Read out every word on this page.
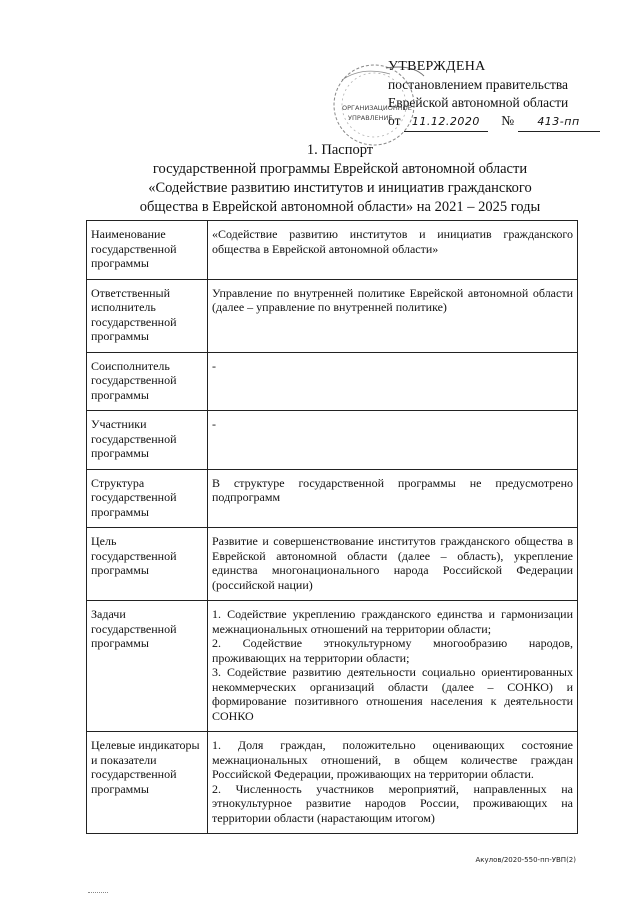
УТВЕРЖДЕНА
постановлением правительства
Еврейской автономной области
от 11.12.2020 № 413-пп
ОРГАНИЗАЦИОННОЕ
УПРАВЛЕНИЕ
1. Паспорт
государственной программы Еврейской автономной области
«Содействие развитию институтов и инициатив гражданского
общества в Еврейской автономной области» на 2021 – 2025 годы
Наименование государственной программы	«Содействие развитию институтов и инициатив гражданского общества в Еврейской автономной области»

Ответственный исполнитель государственной программы	Управление по внутренней политике Еврейской автономной области (далее – управление по внутренней политике)

Соисполнитель государственной программы	-

Участники государственной программы	-

Структура государственной программы	В структуре государственной программы не предусмотрено подпрограмм

Цель государственной программы	Развитие и совершенствование институтов гражданского общества в Еврейской автономной области (далее – область), укрепление единства многонационального народа Российской Федерации (российской нации)

Задачи государственной программы	1. Содействие укреплению гражданского единства и гармонизации межнациональных отношений на территории области;
2. Содействие этнокультурному многообразию народов, проживающих на территории области;
3. Содействие развитию деятельности социально ориентированных некоммерческих организаций области (далее – СОНКО) и формирование позитивного отношения населения к деятельности СОНКО

Целевые индикаторы и показатели государственной программы	1. Доля граждан, положительно оценивающих состояние межнациональных отношений, в общем количестве граждан Российской Федерации, проживающих на территории области.
2. Численность участников мероприятий, направленных на этнокультурное развитие народов России, проживающих на территории области (нарастающим итогом)
Акулов/2020-550-пп-УВП(2)
